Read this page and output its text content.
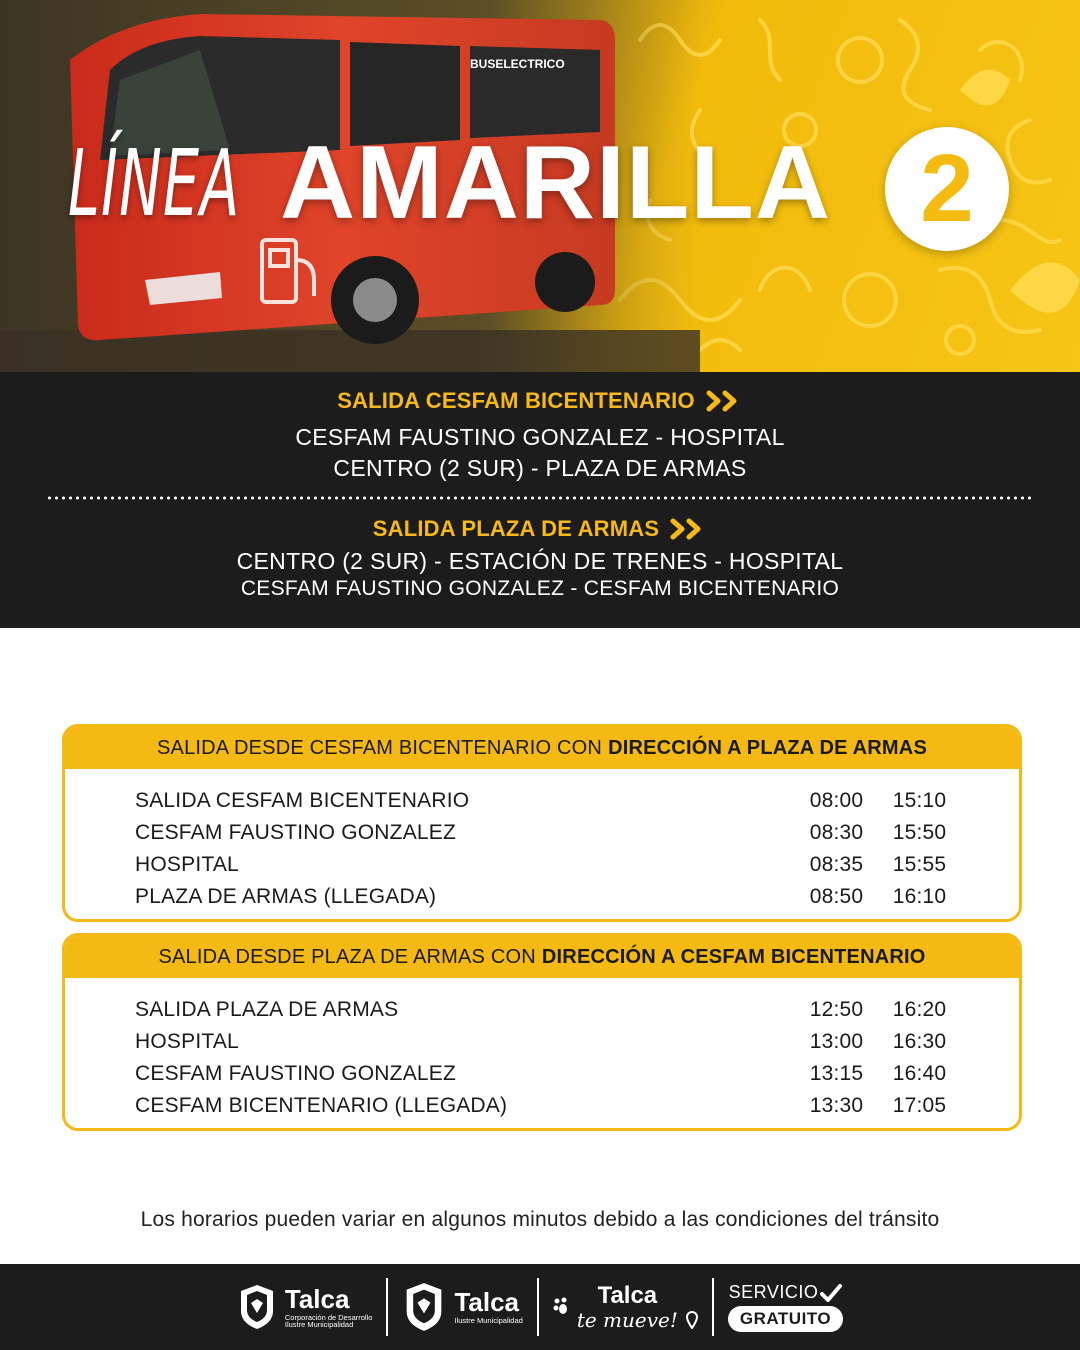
BUSELECTRICO
LÍNEA AMARILLA 2
SALIDA CESFAM BICENTENARIO
CESFAM FAUSTINO GONZALEZ - HOSPITAL
CENTRO (2 SUR) - PLAZA DE ARMAS
SALIDA PLAZA DE ARMAS
CENTRO (2 SUR) - ESTACIÓN DE TRENES - HOSPITAL
CESFAM FAUSTINO GONZALEZ - CESFAM BICENTENARIO
SALIDA DESDE CESFAM BICENTENARIO CON DIRECCIÓN A PLAZA DE ARMAS
SALIDA CESFAM BICENTENARIO	08:00	15:10
CESFAM FAUSTINO GONZALEZ	08:30	15:50
HOSPITAL	08:35	15:55
PLAZA DE ARMAS (LLEGADA)	08:50	16:10
SALIDA DESDE PLAZA DE ARMAS CON DIRECCIÓN A CESFAM BICENTENARIO
SALIDA PLAZA DE ARMAS	12:50	16:20
HOSPITAL	13:00	16:30
CESFAM FAUSTINO GONZALEZ	13:15	16:40
CESFAM BICENTENARIO (LLEGADA)	13:30	17:05
Los horarios pueden variar en algunos minutos debido a las condiciones del tránsito
Talca
Corporación de Desarrollo
Ilustre Municipalidad
Talca
Ilustre Municipalidad
Talca
te mueve!
SERVICIO
GRATUITO
